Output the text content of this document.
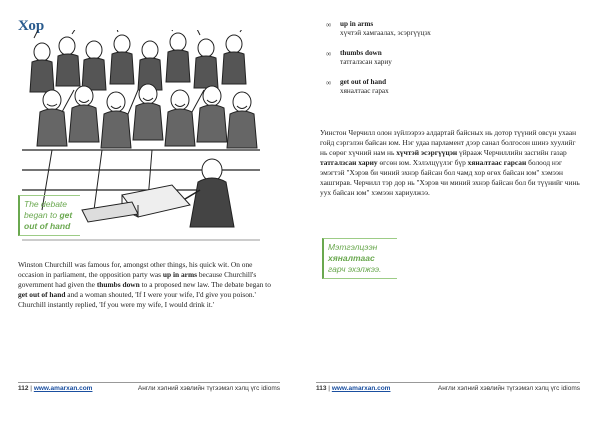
Хор
The debate began to get out of hand
Winston Churchill was famous for, amongst other things, his quick wit. On one occasion in parliament, the opposition party was up in arms because Churchill's government had given the thumbs down to a proposed new law. The debate began to get out of hand and a woman shouted, 'If I were your wife, I'd give you poison.' Churchill instantly replied, 'If you were my wife, I would drink it.'
112 | www.amarxan.com	Англи хэлний хэвлийн түгээмэл хэлц үгс idioms
∞ up in arms
хүчтэй хамгаалах, эсэргүүцэх
∞ thumbs down
татгалзсан хариу
∞ get out of hand
хяналтаас гарах
Уинстон Черчилл олон зүйлээрээ алдартай байсных нь дотор түүний овсүн ухаан гойд сэргэлэн байсан юм. Нэг удаа парламент дээр санал болгосон шинэ хуулийг нь сөрөг хүчний нам нь хүчтэй эсэргүүцэн үйрааж Черчиллийн засгийн газар татгалзсан хариу өгсөн юм. Хэлэлцүүлэг бүр хяналтаас гарсан болоод нэг эмэгтэй "Хэрэв би чиний эхнэр байсан бол чамд хор өгөх байсан юм" хэмээн хашгирав. Черчилл тэр дор нь "Хэрэв чи миний эхнэр байсан бол би түүнийг чинь уух байсан юм" хэмээн хариулжээ.
Мэтгэлцээн хяналтаас гарч эхэлжээ.
113 | www.amarxan.com	Англи хэлний хэвлийн түгээмэл хэлц үгс idioms
